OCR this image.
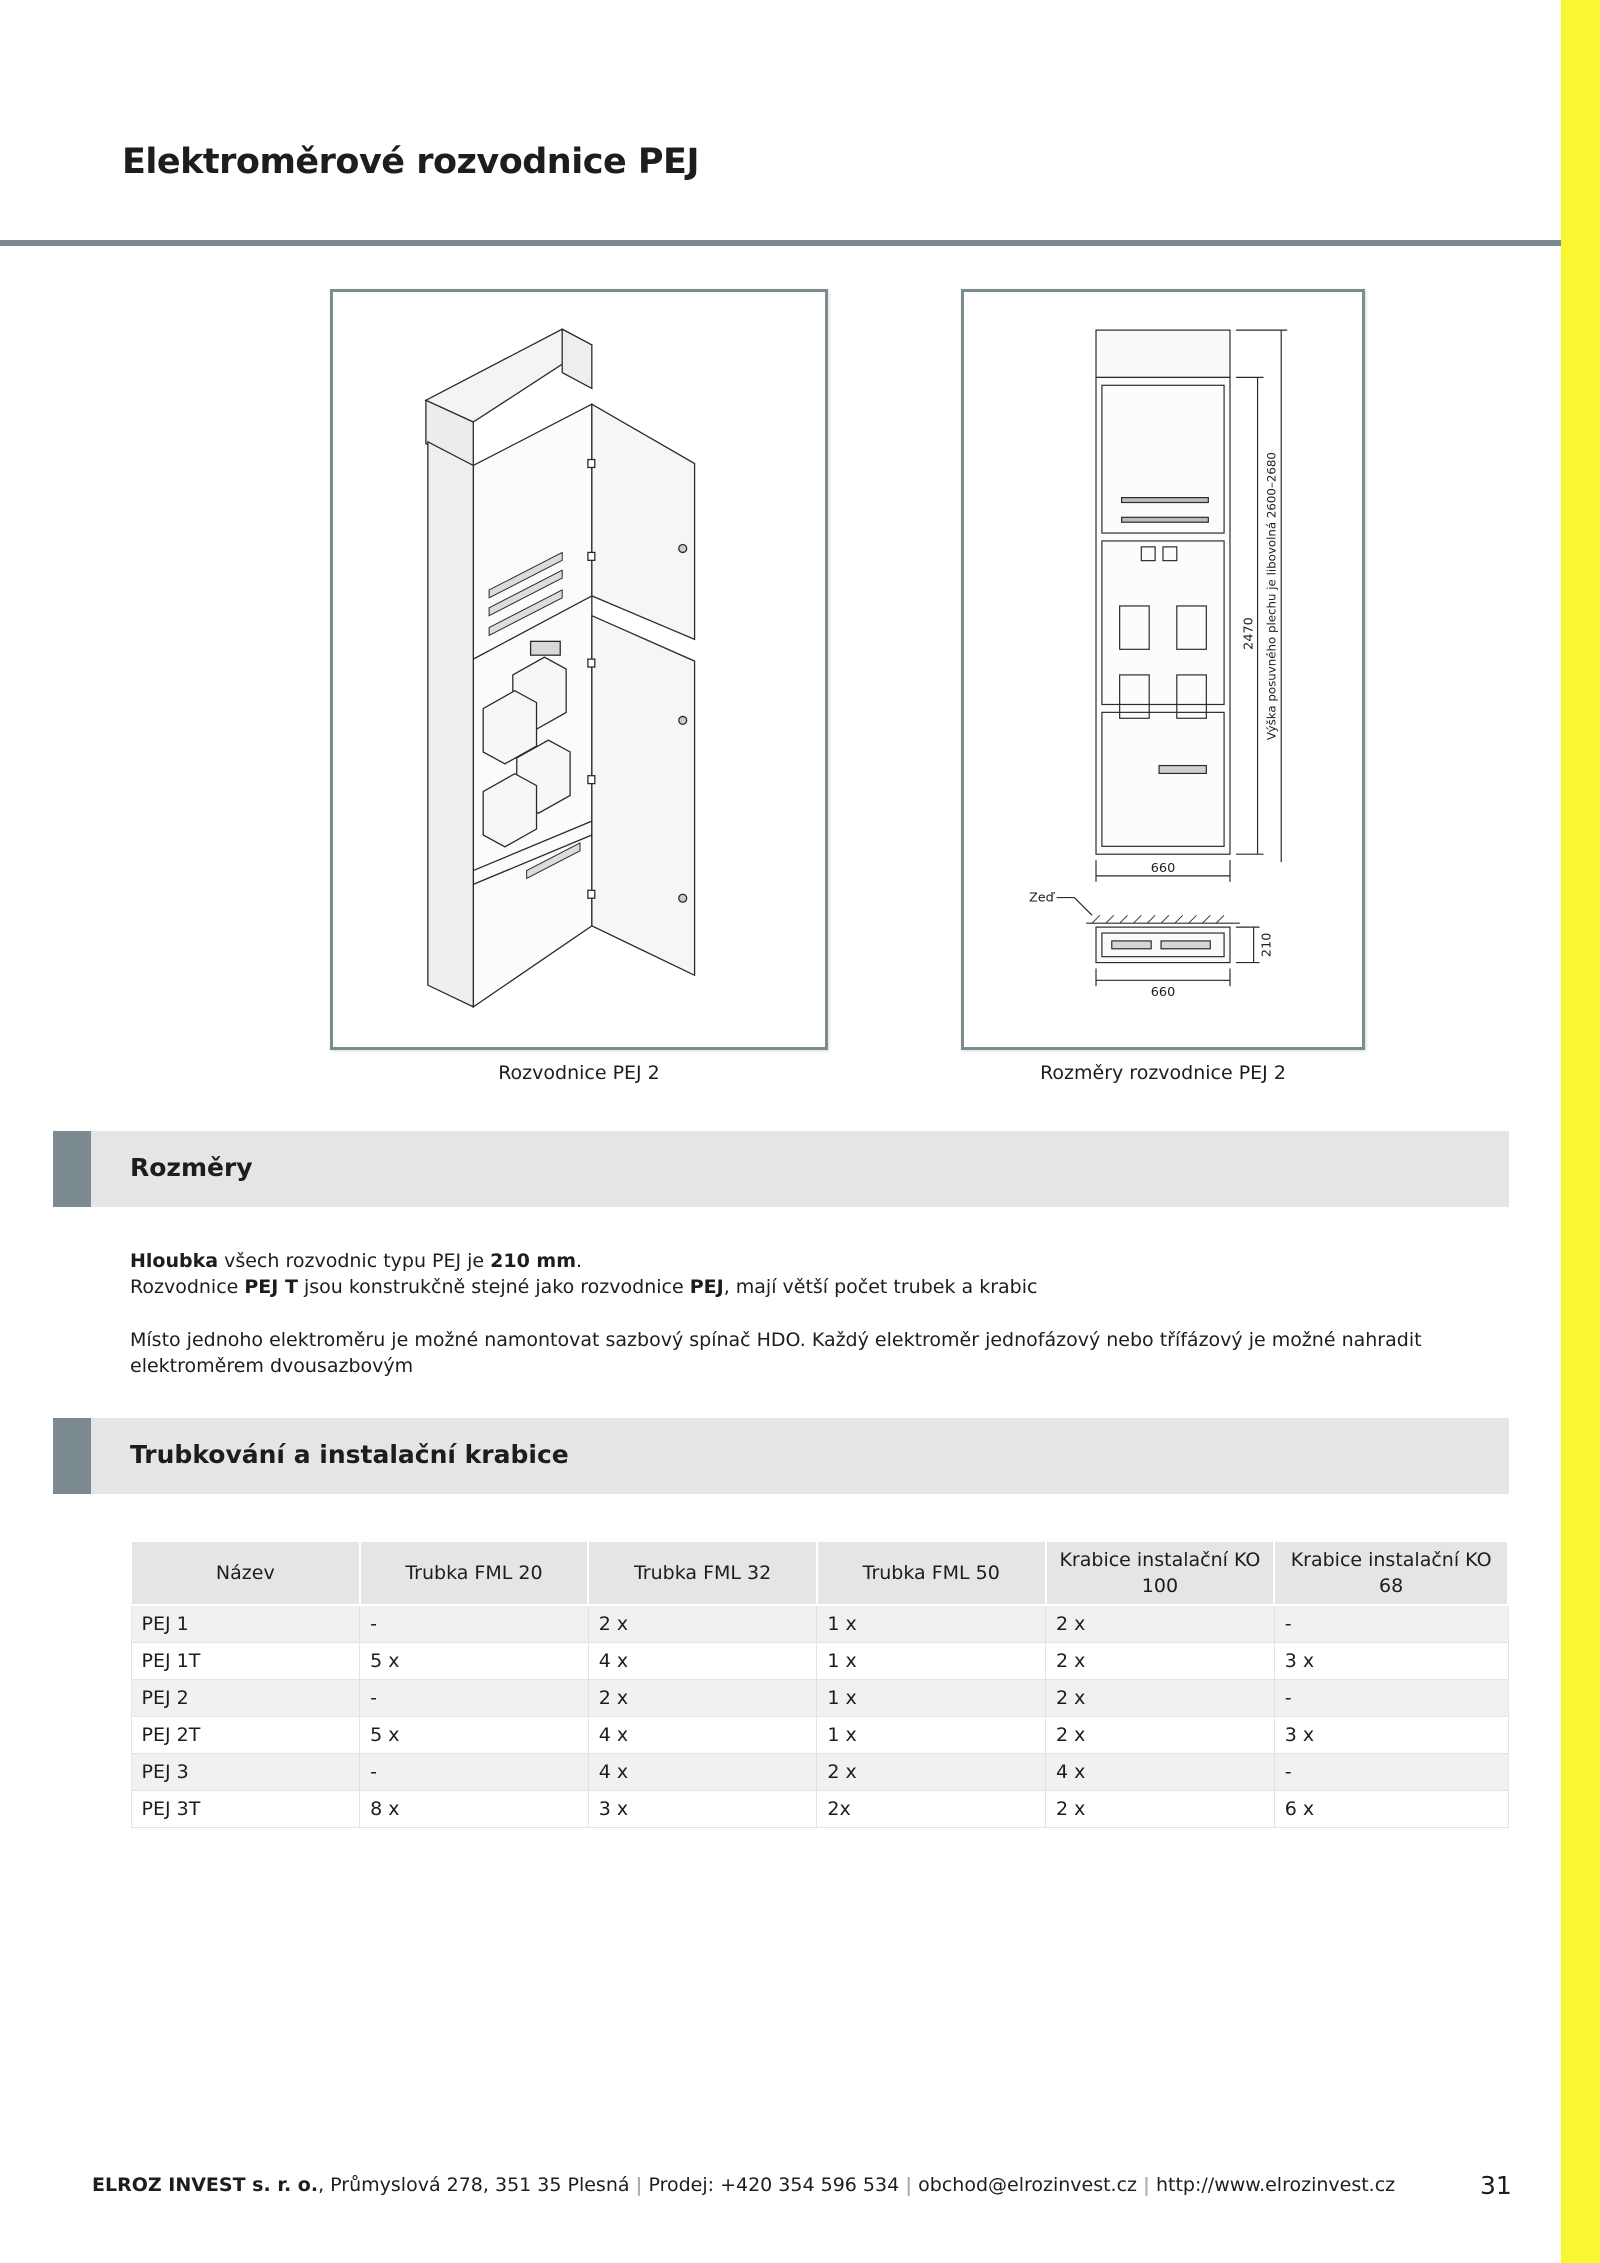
Elektroměrové rozvodnice PEJ
660
660
Zeď
2470 Výška posuvného plechu je libovolná 2600–2680
210
Rozvodnice PEJ 2	Rozměry rozvodnice PEJ 2
Rozměry

Hloubka všech rozvodnic typu PEJ je 210 mm.
Rozvodnice PEJ T jsou konstrukčně stejné jako rozvodnice PEJ, mají větší počet trubek a krabic

Místo jednoho elektroměru je možné namontovat sazbový spínač HDO. Každý elektroměr jednofázový nebo třífázový je možné nahradit elektroměrem dvousazbovým

Trubkování a instalační krabice
Název	Trubka FML 20	Trubka FML 32	Trubka FML 50	Krabice instalační KO 100	Krabice instalační KO 68
PEJ 1	-	2 x	1 x	2 x	-
PEJ 1T	5 x	4 x	1 x	2 x	3 x
PEJ 2	-	2 x	1 x	2 x	-
PEJ 2T	5 x	4 x	1 x	2 x	3 x
PEJ 3	-	4 x	2 x	4 x	-
PEJ 3T	8 x	3 x	2x	2 x	6 x
ELROZ INVEST s. r. o., Průmyslová 278, 351 35 Plesná | Prodej: +420 354 596 534 | obchod@elrozinvest.cz | http://www.elrozinvest.cz	31
